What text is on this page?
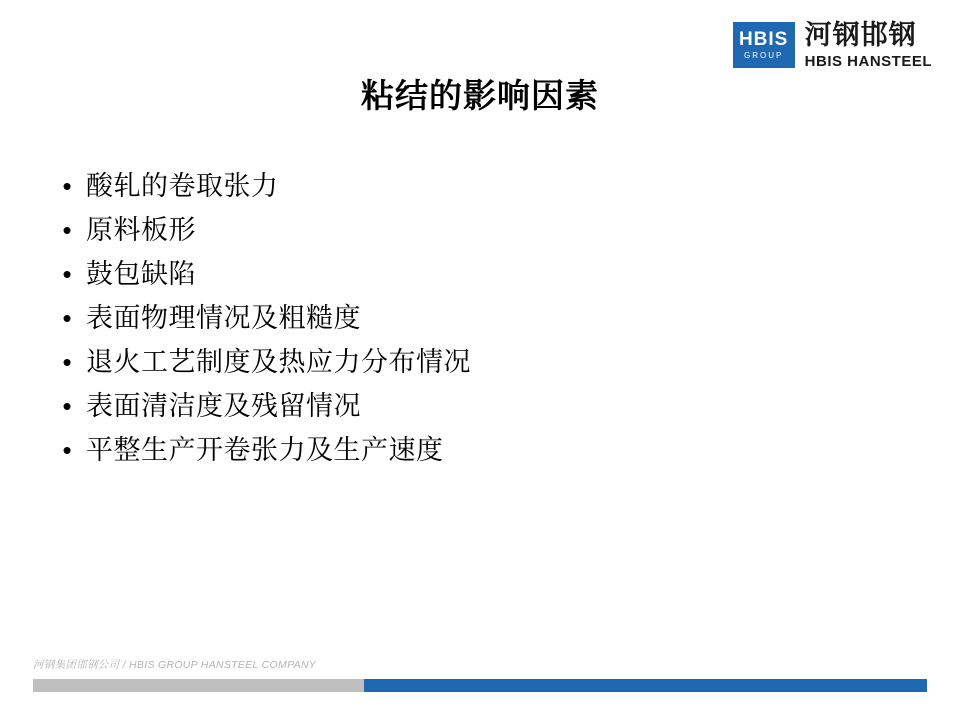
HBIS
GROUP
河钢邯钢
HBIS HANSTEEL
粘结的影响因素
• 酸轧的卷取张力
• 原料板形
• 鼓包缺陷
• 表面物理情况及粗糙度
• 退火工艺制度及热应力分布情况
• 表面清洁度及残留情况
• 平整生产开卷张力及生产速度
河钢集团邯钢公司 / HBIS GROUP HANSTEEL COMPANY
